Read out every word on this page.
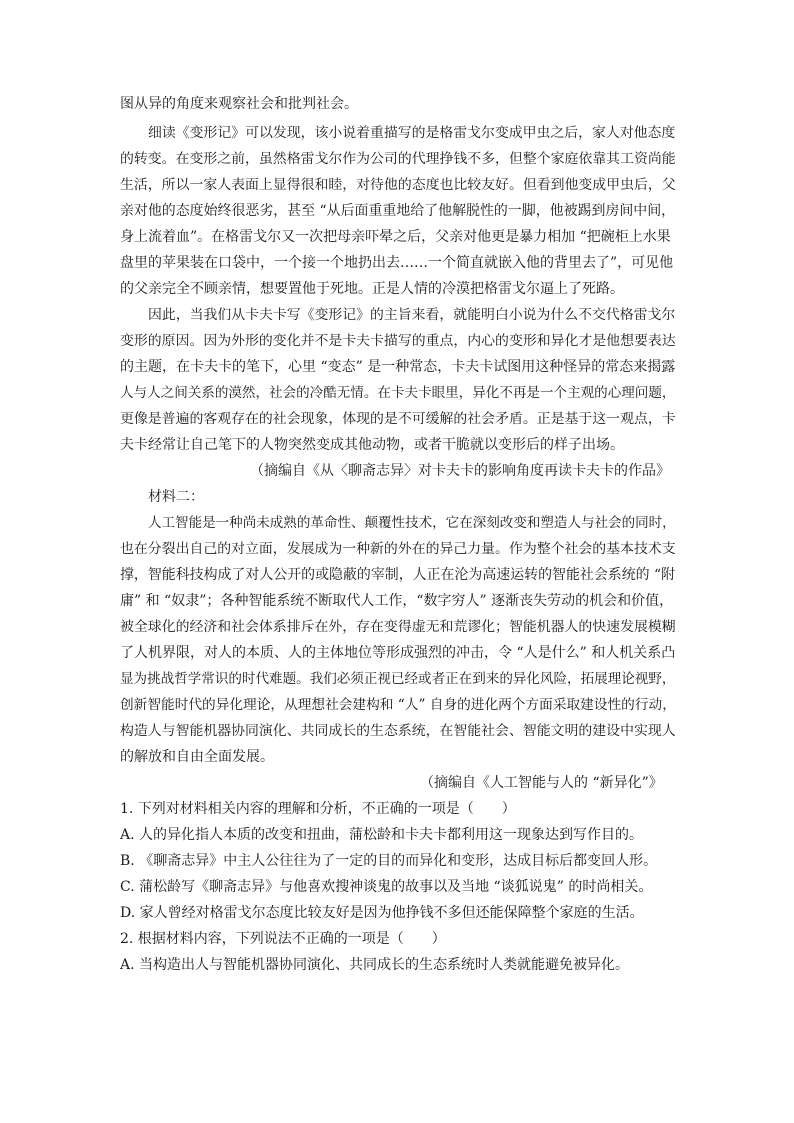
图从异的角度来观察社会和批判社会。
细读《变形记》可以发现，该小说着重描写的是格雷戈尔变成甲虫之后，家人对他态度
的转变。在变形之前，虽然格雷戈尔作为公司的代理挣钱不多，但整个家庭依靠其工资尚能
生活，所以一家人表面上显得很和睦，对待他的态度也比较友好。但看到他变成甲虫后，父
亲对他的态度始终很恶劣，甚至 “从后面重重地给了他解脱性的一脚，他被踢到房间中间，
身上流着血”。在格雷戈尔又一次把母亲吓晕之后，父亲对他更是暴力相加 “把碗柜上水果
盘里的苹果装在口袋中，一个接一个地扔出去……一个简直就嵌入他的背里去了”，可见他
的父亲完全不顾亲情，想要置他于死地。正是人情的冷漠把格雷戈尔逼上了死路。
因此，当我们从卡夫卡写《变形记》的主旨来看，就能明白小说为什么不交代格雷戈尔
变形的原因。因为外形的变化并不是卡夫卡描写的重点，内心的变形和异化才是他想要表达
的主题，在卡夫卡的笔下，心里 “变态” 是一种常态，卡夫卡试图用这种怪异的常态来揭露
人与人之间关系的漠然，社会的冷酷无情。在卡夫卡眼里，异化不再是一个主观的心理问题，
更像是普遍的客观存在的社会现象，体现的是不可缓解的社会矛盾。正是基于这一观点，卡
夫卡经常让自己笔下的人物突然变成其他动物，或者干脆就以变形后的样子出场。
（摘编自《从〈聊斋志异〉对卡夫卡的影响角度再读卡夫卡的作品》
材料二：
人工智能是一种尚未成熟的革命性、颠覆性技术，它在深刻改变和塑造人与社会的同时，
也在分裂出自己的对立面，发展成为一种新的外在的异己力量。作为整个社会的基本技术支
撑，智能科技构成了对人公开的或隐蔽的宰制，人正在沦为高速运转的智能社会系统的 “附
庸” 和 “奴隶”；各种智能系统不断取代人工作，“数字穷人” 逐渐丧失劳动的机会和价值，
被全球化的经济和社会体系排斥在外，存在变得虚无和荒谬化；智能机器人的快速发展模糊
了人机界限，对人的本质、人的主体地位等形成强烈的冲击，令 “人是什么” 和人机关系凸
显为挑战哲学常识的时代难题。我们必须正视已经或者正在到来的异化风险，拓展理论视野，
创新智能时代的异化理论，从理想社会建构和 “人” 自身的进化两个方面采取建设性的行动，
构造人与智能机器协同演化、共同成长的生态系统，在智能社会、智能文明的建设中实现人
的解放和自由全面发展。
（摘编自《人工智能与人的 “新异化”》
1. 下列对材料相关内容的理解和分析，不正确的一项是（　　）
A. 人的异化指人本质的改变和扭曲，蒲松龄和卡夫卡都利用这一现象达到写作目的。
B. 《聊斋志异》中主人公往往为了一定的目的而异化和变形，达成目标后都变回人形。
C. 蒲松龄写《聊斋志异》与他喜欢搜神谈鬼的故事以及当地 “谈狐说鬼” 的时尚相关。
D. 家人曾经对格雷戈尔态度比较友好是因为他挣钱不多但还能保障整个家庭的生活。
2. 根据材料内容，下列说法不正确的一项是（　　）
A. 当构造出人与智能机器协同演化、共同成长的生态系统时人类就能避免被异化。
